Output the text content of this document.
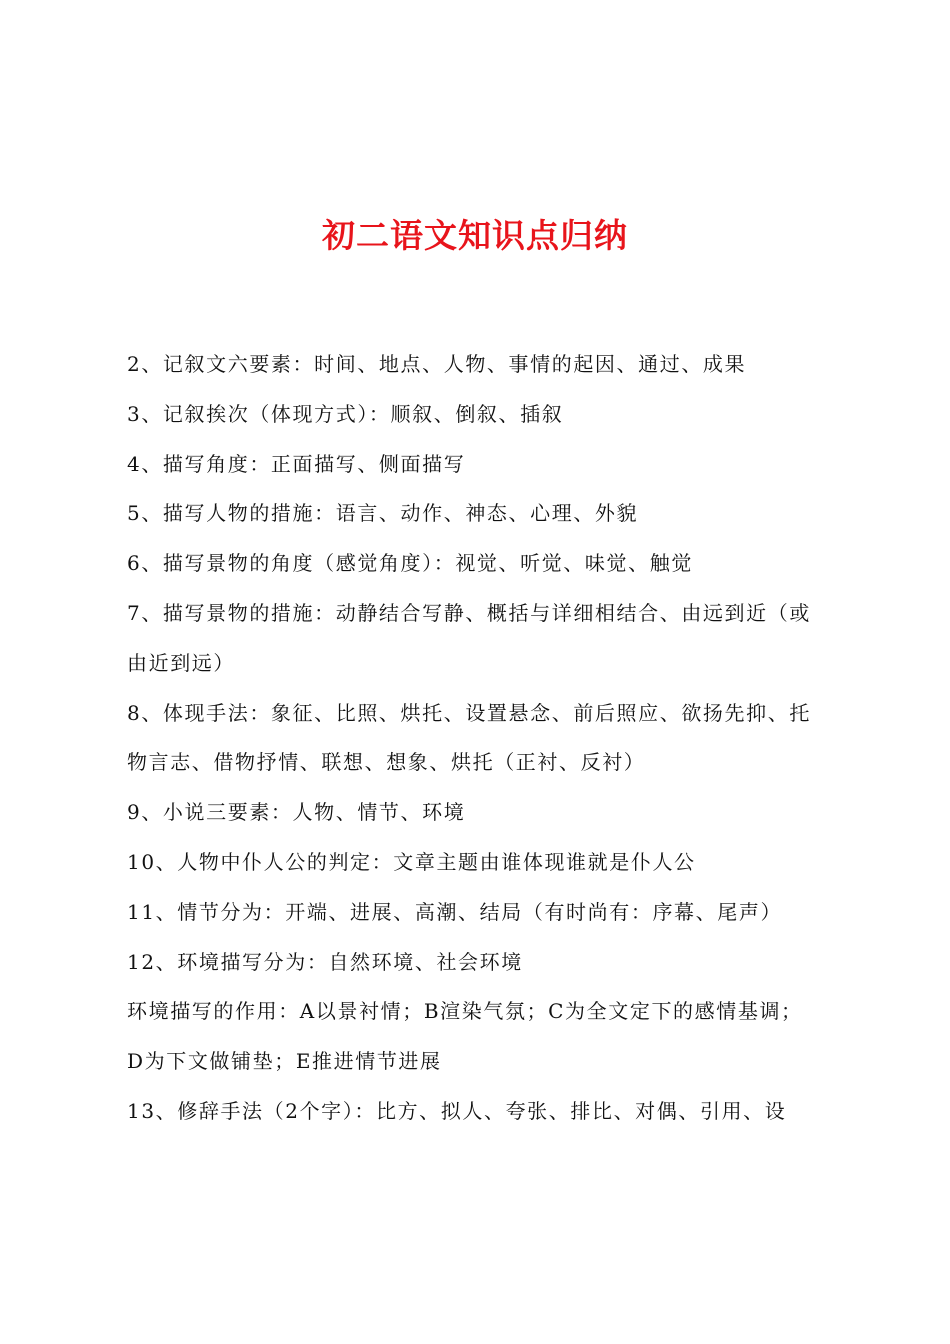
初二语文知识点归纳
2、记叙文六要素：时间、地点、人物、事情的起因、通过、成果
3、记叙挨次（体现方式）：顺叙、倒叙、插叙
4、描写角度：正面描写、侧面描写
5、描写人物的措施：语言、动作、神态、心理、外貌
6、描写景物的角度（感觉角度）：视觉、听觉、味觉、触觉
7、描写景物的措施：动静结合写静、概括与详细相结合、由远到近（或
由近到远）
8、体现手法：象征、比照、烘托、设置悬念、前后照应、欲扬先抑、托
物言志、借物抒情、联想、想象、烘托（正衬、反衬）
9、小说三要素：人物、情节、环境
10、人物中仆人公的判定：文章主题由谁体现谁就是仆人公
11、情节分为：开端、进展、高潮、结局（有时尚有：序幕、尾声）
12、环境描写分为：自然环境、社会环境
环境描写的作用：A以景衬情；B渲染气氛；C为全文定下的感情基调；
D为下文做铺垫；E推进情节进展
13、修辞手法（2个字）：比方、拟人、夸张、排比、对偶、引用、设
